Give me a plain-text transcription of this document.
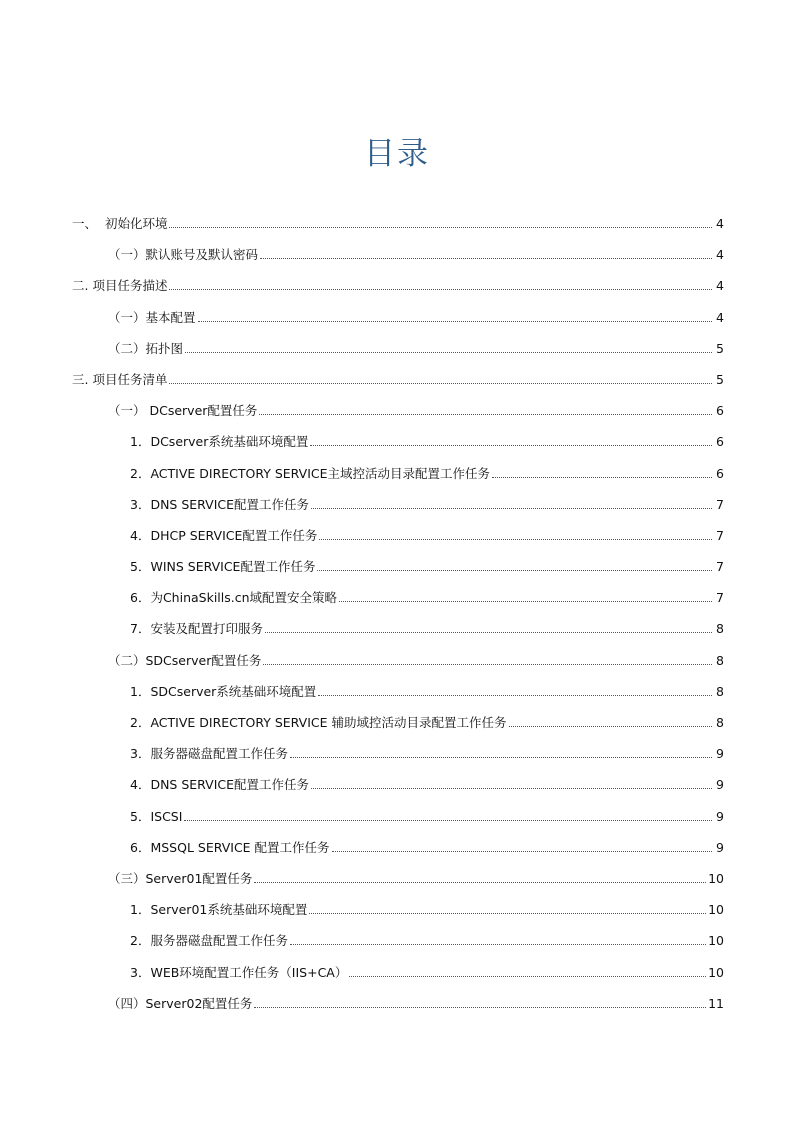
目录
一、  初始化环境	4
（一）默认账号及默认密码	4
二. 项目任务描述	4
（一）基本配置	4
（二）拓扑图	5
三. 项目任务清单	5
（一） DCserver配置任务	6
1．DCserver系统基础环境配置	6
2．ACTIVE DIRECTORY SERVICE主域控活动目录配置工作任务	6
3．DNS SERVICE配置工作任务	7
4．DHCP SERVICE配置工作任务	7
5．WINS SERVICE配置工作任务	7
6．为ChinaSkills.cn域配置安全策略	7
7．安装及配置打印服务	8
（二）SDCserver配置任务	8
1．SDCserver系统基础环境配置	8
2．ACTIVE DIRECTORY SERVICE 辅助域控活动目录配置工作任务	8
3．服务器磁盘配置工作任务	9
4．DNS SERVICE配置工作任务	9
5．ISCSI	9
6．MSSQL SERVICE 配置工作任务	9
（三）Server01配置任务	10
1．Server01系统基础环境配置	10
2．服务器磁盘配置工作任务	10
3．WEB环境配置工作任务（IIS+CA）	10
（四）Server02配置任务	11
